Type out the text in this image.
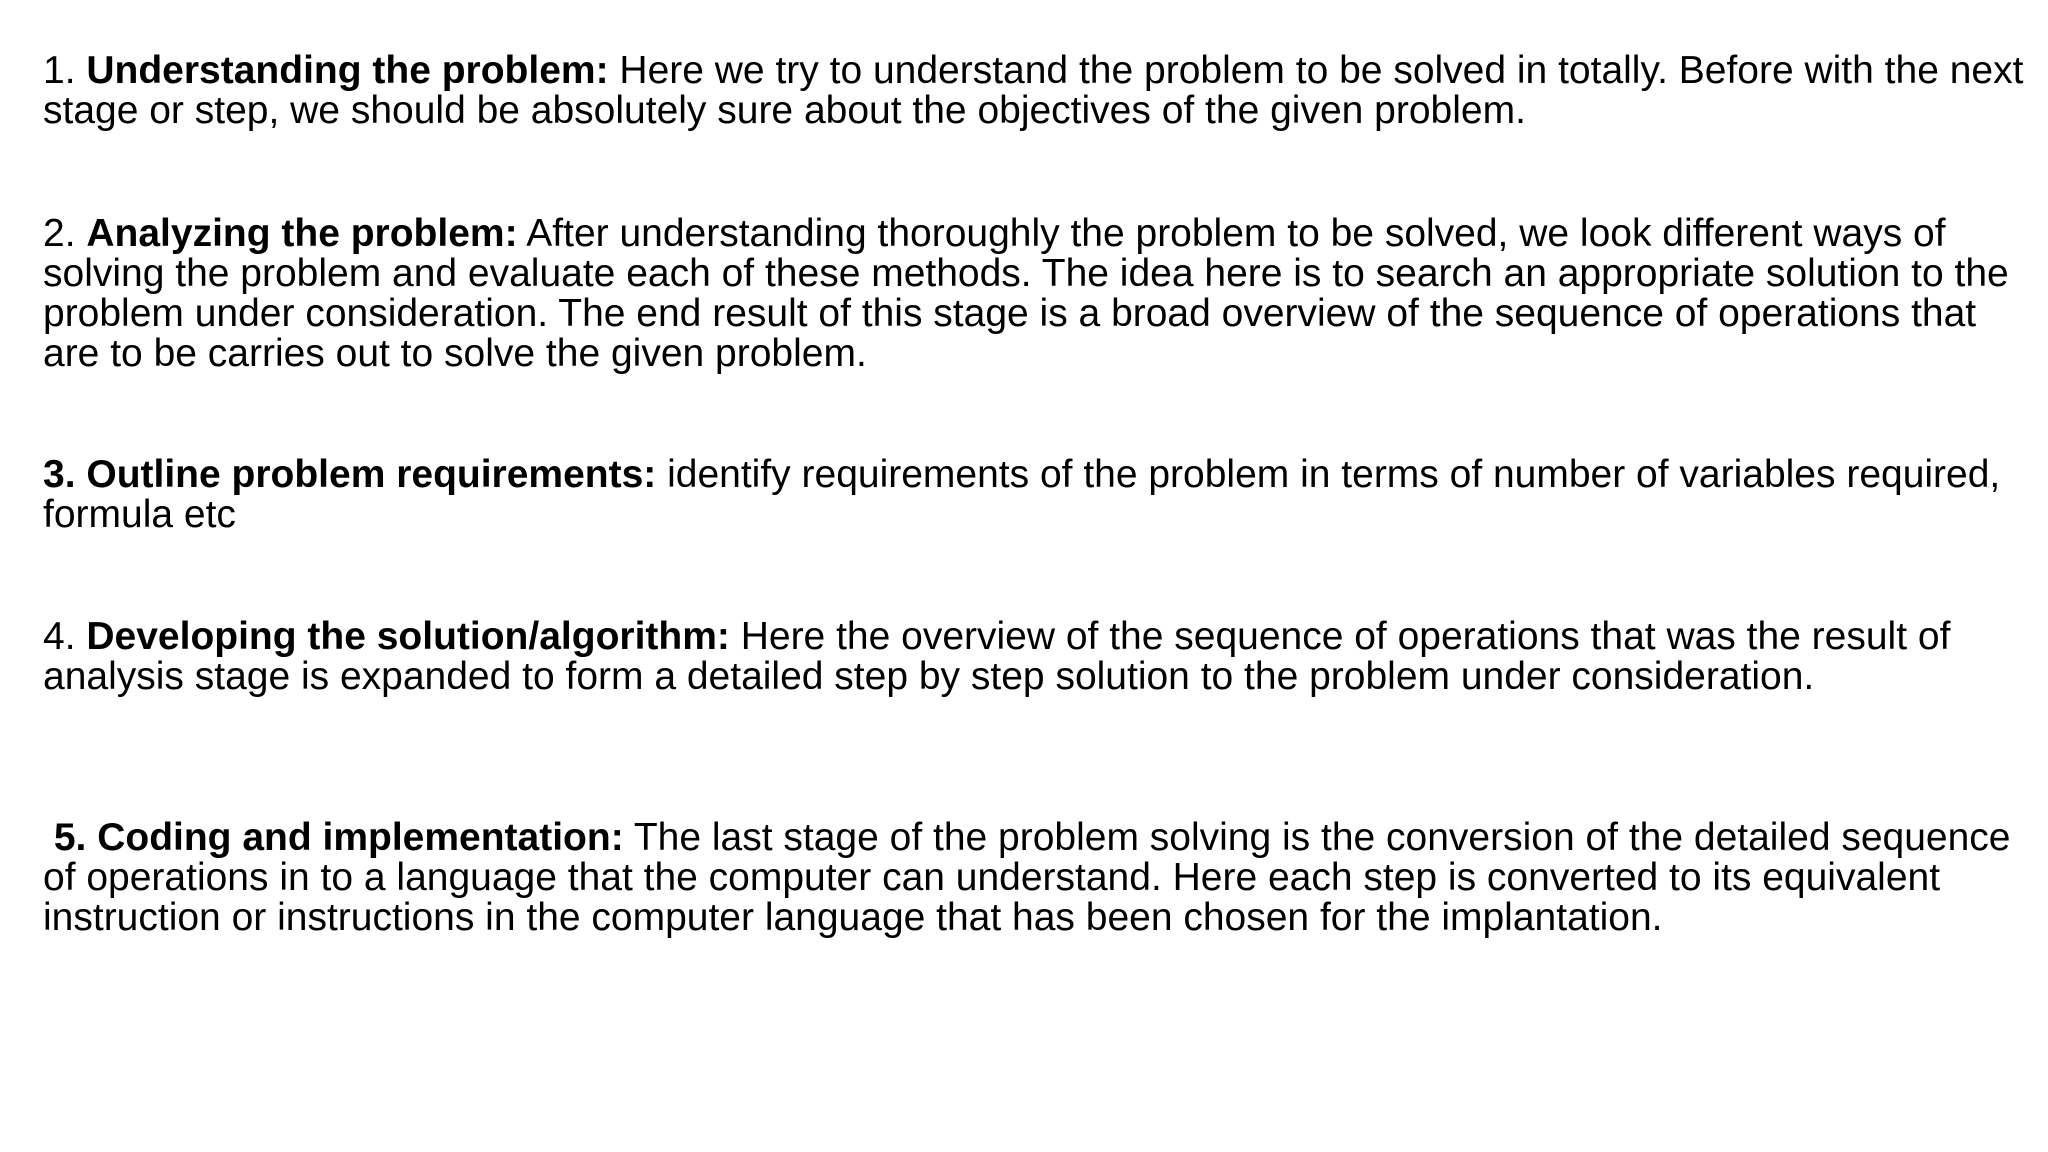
1. Understanding the problem: Here we try to understand the problem to be solved in totally. Before with the next stage or step, we should be absolutely sure about the objectives of the given problem.

2. Analyzing the problem: After understanding thoroughly the problem to be solved, we look different ways of solving the problem and evaluate each of these methods. The idea here is to search an appropriate solution to the problem under consideration. The end result of this stage is a broad overview of the sequence of operations that are to be carries out to solve the given problem.

3. Outline problem requirements: identify requirements of the problem in terms of number of variables required, formula etc

4. Developing the solution/algorithm: Here the overview of the sequence of operations that was the result of analysis stage is expanded to form a detailed step by step solution to the problem under consideration.

5. Coding and implementation: The last stage of the problem solving is the conversion of the detailed sequence of operations in to a language that the computer can understand. Here each step is converted to its equivalent instruction or instructions in the computer language that has been chosen for the implantation.
